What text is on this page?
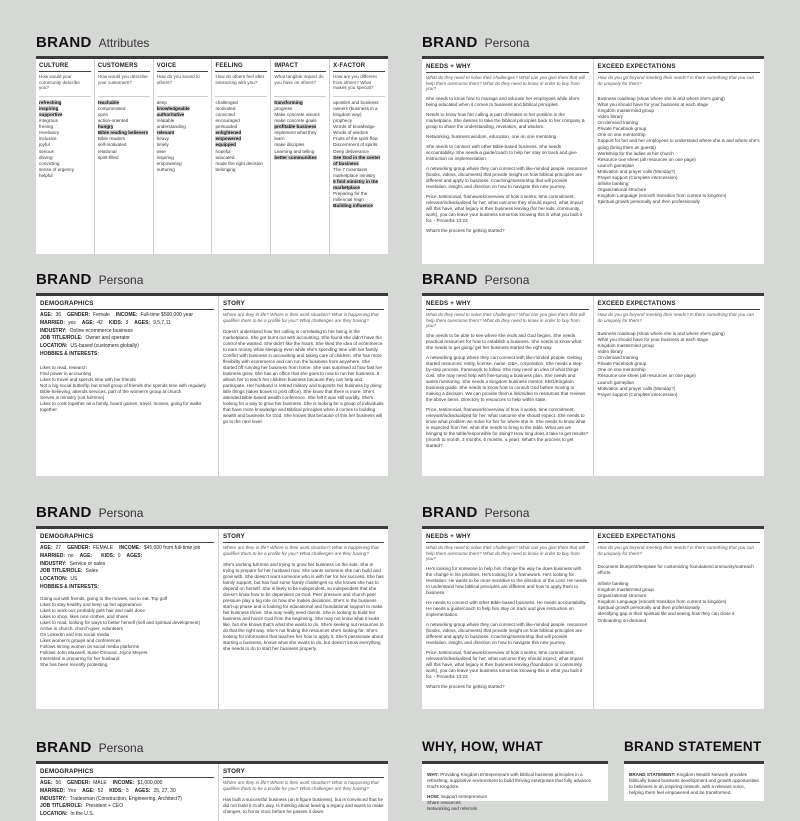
BRAND Attributes
CULTURE
How would your community describe you?
refreshing
inspiring
supportive
integrous
freeing
revelatory
inclusive
joyful
serious
driving
convicting
sense of urgency
helpful
CUSTOMERS
How would you describe your customers?
teachable
compromised
open
action-oriented
hungry
Bible reading believers
Bible readers
self-motivated
relational
spirit-filled
VOICE
How do you sound to others?
deep
knowledgeable
authoritative
relatable
understanding
relevant
heavy
timely
wise
inspiring
empowering
nurturing
FEELING
How do others feel after interacting with you?
challenged
motivated
convicted
encouraged
persuaded
enlightened
empowered
equipped
hopeful
educated
made the right decision
belonging
IMPACT
What tangible impact do you have on others?
transforming
progress
Make concrete visions
make concrete goals
profitable business
Implement what they learn
make disciples
Learning and telling
better communities
X-FACTOR
How are you different from others? What makes you special?
apostles and business owners (business in a kingdom way)
prophecy
Words of knowledge
Words of wisdom
Fruits of the spirit flow
Discernment of spirits
Deep deliverance
See God in the center of business
The 7 mountains marketplace ministry
5 fold ministry in the marketplace
Preparing for the millennial reign
Building influence
BRAND Persona
NEEDS + WHY
What do they need to solve their challenges? What can you give them that will help them overcome them? What do they need to know in order to buy from you?
She needs to know how to manage and educate her employees while she's being educated when it comes to business and biblical principles.
Needs to know how her calling is part of/relates to her position in the marketplace. She desires to take the biblical principles back to her company & group to share the understanding, revelation, and wisdom.
Networking, business wisdom, education, one on one mentoring
She needs to connect with other Bible-based business. She needs accountability. She needs a guide/coach to help her stay on track and give instruction on implementation.
A networking group where they can connect with like-minded people, resources (books, videos, documents) that provide insight on how biblical principles are different and apply to business. Coaching/mentorship that will provide revelation, insight, and direction on how to navigate this new journey.
Price, testimonial, framework/overview of how it works, time commitment, relevant/individualized for her, what outcome they should expect, what impact will this have, what legacy is their business leaving (for her kids, community, work), you can leave your business tomorrow knowing this is what you built it for. - Proverbs 13:22
What's the process for getting started?
EXCEED EXPECTATIONS
How do you go beyond meeting their needs? Is there something that you can do uniquely for them?
Business roadmap (show where she is and where she's going)
What you should have for your business at each stage
Kingdom mastermind group
Video library
On-demand training
Private Facebook group
One on one mentorship
Support for her and her employees to understand where she is and where she's going (bring them as guests)
Workshop for the ladies at her church
Resource one sheet (all resources on one page)
Launch gameplan
Motivation and prayer calls (Monday?)
Prayer support (Complete intercession)
Infinite banking
Organizational structure
Kingdom Language (smooth transition from current to kingdom)
Spiritual growth personally and then professionally
BRAND Persona
DEMOGRAPHICS
AGE: 36 GENDER: Female INCOME: Full-time $500,000 year
MARRIED: yes AGE: 42 KIDS: 3 AGES: 9,5,7,11
INDUSTRY: Online ecommerce business
JOB TITLE/ROLE: Owner and operator
LOCATION: US-based (customers globally)
HOBBIES & INTERESTS:
Likes to read, research
Find power in accounting
Likes to travel and spends time with her friends
Not a big social butterfly, but small group of friends she spends time with regularly
Bible-believing, attends services, part of the women's group at church
Serves in ministry (not full-time)
Likes to cook together as a family, board games, travel, movies, going for walks together.
STORY
Where are they in life? Where is their work situation? What is happening that qualifies them to be a profile for you? What challenges are they having?
Doesn't understand how her calling is correlating to her being in the marketplace. She got burnt out with accounting. She found she didn't have the control she wanted. She didn't like the hours. She liked the idea of ecommerce to earn money while sleeping even while she's spending time with her family. Conflict with business in accounting and taking care of children. She has more flexibility with ecommerce and can run the business from anywhere. She started off running her business from home. She was surprised at how fast her business grew. She has an office that she goes to now to run her business. It allows her to teach her children business because they can help and participate. Her husband is retired military and supports her business by doing little things (takes boxes to post office). She know that there is more. She's attended Bible-based wealth conference. She felt it was still worldly. She's looking for a way to grow her business. She is looking for a group of individuals that have more knowledge and Biblical principles when it comes to building wealth and business for God. She knows that because of this her business will go to the next level.
BRAND Persona
NEEDS + WHY
What do they need to solve their challenges? What can you give them that will help them overcome them? What do they need to know in order to buy from you?
She needs to be able to see where she ends and God begins. She needs practical resources for how to establish a business. She needs to know what she needs to get going/ get her business started the right way.
A networking group where they can connect with like-minded people. Getting started resources: entity, license, name, DBA, corporation. She needs a step-by-step process, framework to follow. She may need an idea of what things cost. She may need help with fine-tuning a business plan. She needs and wants mentoring. She needs a Kingdom business mentor. KBO/Kingdom business guide. She needs to know how to consult God before moving or making a decision. We can provide them a link/video to resources that reviews the above items. Directory to resources to help within state.
Price, testimonial, framework/overview of how it works, time commitment, relevant/individualized for her, what outcome she should expect. She needs to know what problem we solve for her for where she is. She needs to know what is expected from her, what she needs to bring to the table. What are we bringing to the table/responsible for doing? How long does it take to get results? (month to month, 3 months, 6 months, a year). What's the process to get started?
EXCEED EXPECTATIONS
How do you go beyond meeting their needs? Is there something that you can do uniquely for them?
Business roadmap (show where she is and where she's going)
What you should have for your business at each stage
Kingdom mastermind group
Video library
On-demand training
Private Facebook group
One on one mentorship
Resource one sheet (all resources on one page)
Launch gameplan
Motivation and prayer calls (Monday?)
Prayer support (Complete intercession)
BRAND Persona
DEMOGRAPHICS
AGE: 27 GENDER: FEMALE INCOME: $45,000 from full-time job
MARRIED: no AGE: KIDS: 0 AGES:
INDUSTRY: Service or sales
JOB TITLE/ROLE: Sales
LOCATION: US
HOBBIES & INTERESTS:
Going out with friends, going to the movies, out to eat. Top golf
Likes to stay healthy and keep up her appearance
Likes to work-out, probably gets hair and nails done
Likes to shop, likes nice clothes, and shoes
Likes to read, looking for ways to better herself (self and spiritual development)
Active in church, church-goer, volunteers
On LinkedIn and into social media
Likes women's groups and conferences
Follows strong women on social media platforms
Follows John Maxwell, Susie Ormond, Joyce Meyers
Interested in preparing for her husband
She has been recently protesting.
STORY
Where are they in life? Where is their work situation? What is happening that qualifies them to be a profile for you? What challenges are they having?
She's working full-time and trying to grow her business on the side. She is trying to prepare for her husband now. She wants someone she can build and grow with. She doesn't want someone who is with her for her success. She has family support, but has had some family challenges so she knows she has to depend on herself. She is likely to be independent, so independent that she doesn't know how to be dependent on God. Peer pressure and church peer pressure play a big role on how she makes decisions. She's in the business start-up phase and is looking for educational and foundational support to make her business thrive. She may really need clients. She is looking to build her business and honor God from the beginning. She may not know what it looks like, but she knows that's what she wants to do. She's seeking out resources to do that the right way. She's not finding the resources she's looking for. She's looking for information that teaches her how to apply it. She's passionate about starting a business, knows what she wants to do, but doesn't know everything she needs to do to start her business properly.
BRAND Persona
NEEDS + WHY
What do they need to solve their challenges? What can you give them that will help them overcome them? What do they need to know in order to buy from you?
He's looking for someone to help him change the way he does business with the change in his priorities. He's looking for a framework. He's looking for revelation. He wants to be more sensitive to the direction of the Lord. He needs to understand how biblical principles are different and how to apply them to business.
He needs to connect with other Bible-based business. He needs accountability. He needs a guide/coach to help him stay on track and give instruction on implementation.
A networking group where they can connect with like-minded people, resources (books, videos, documents) that provide insight on how biblical principles are different and apply to business. Coaching/mentorship that will provide revelation, insight, and direction on how to navigate this new journey.
Price, testimonial, framework/overview of how it works, time commitment, relevant/individualized for her, what outcome they should expect, what impact will this have, what legacy is their business leaving (foundation or community work), you can leave your business tomorrow knowing this is what you built it for. - Proverbs 13:22
What's the process for getting started?
EXCEED EXPECTATIONS
How do you go beyond meeting their needs? Is there something that you can do uniquely for them?
Document blueprint/template for customizing foundation/community/outreach efforts.
Infinite banking
Kingdom mastermind group
Organizational structure
Kingdom Language (smooth transition from current to kingdom)
Spiritual growth personally and then professionally
Identifying gap in their spiritual life and seeing how they can close it
Onboarding on-demand
BRAND Persona
DEMOGRAPHICS
AGE: 56 GENDER: MALE INCOME: $1,000,000
MARRIED: Yes AGE: 52 KIDS: 3 AGES: 25, 27, 30
INDUSTRY: Tradesman (Construction, Engineering, Architect?)
JOB TITLE/ROLE: President + CEO
LOCATION: In the U.S.
STORY
Where are they in life? Where is their work situation? What is happening that qualifies them to be a profile for you? What challenges are they having?
Has built a successful business (an 8 figure business), but is convinced that he did not build it God's way. Is thinking about leaving a legacy and wants to make changes, to honor God, before he passes it down.
WHY, HOW, WHAT
WHY: Providing Kingdom Entrepreneurs with biblical business principles in a refreshing, supportive environment to build thriving enterprises that fully advance God's Kingdom.
HOW: Support entrepreneurs
Share resources
Networking and referrals
BRAND STATEMENT
BRAND STATEMENT: Kingdom Wealth Network provides biblically based business development and growth opportunities to believers in an inspiring network, with a relevant voice, helping them feel empowered and be transformed.
